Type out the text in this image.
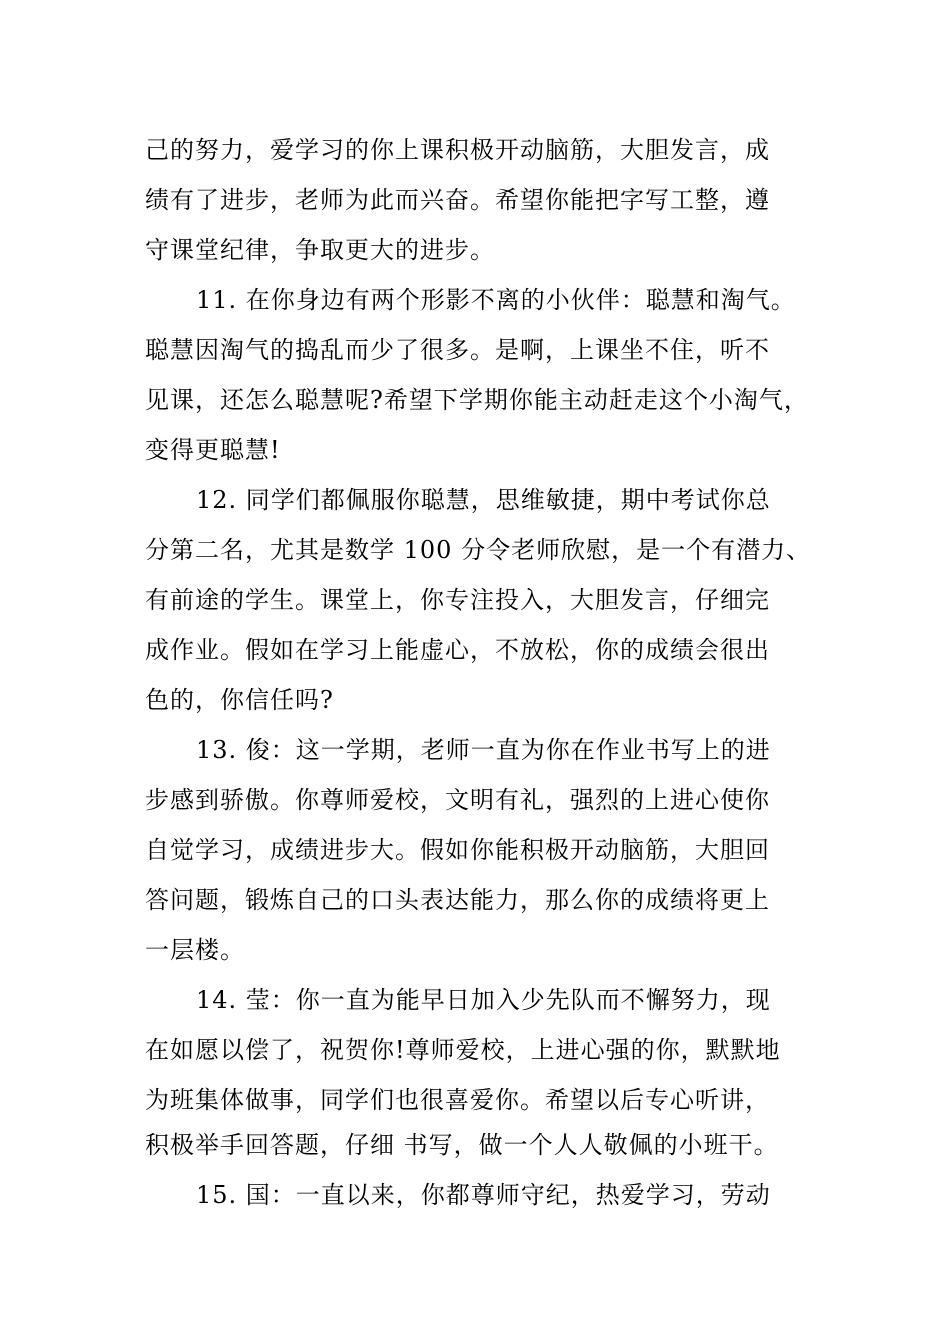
己的努力，爱学习的你上课积极开动脑筋，大胆发言，成
绩有了进步，老师为此而兴奋。希望你能把字写工整，遵
守课堂纪律，争取更大的进步。
11. 在你身边有两个形影不离的小伙伴：聪慧和淘气。
聪慧因淘气的捣乱而少了很多。是啊，上课坐不住，听不
见课，还怎么聪慧呢?希望下学期你能主动赶走这个小淘气，
变得更聪慧!
12. 同学们都佩服你聪慧，思维敏捷，期中考试你总
分第二名，尤其是数学 100 分令老师欣慰，是一个有潜力、
有前途的学生。课堂上，你专注投入，大胆发言，仔细完
成作业。假如在学习上能虚心，不放松，你的成绩会很出
色的，你信任吗?
13. 俊：这一学期，老师一直为你在作业书写上的进
步感到骄傲。你尊师爱校，文明有礼，强烈的上进心使你
自觉学习，成绩进步大。假如你能积极开动脑筋，大胆回
答问题，锻炼自己的口头表达能力，那么你的成绩将更上
一层楼。
14. 莹：你一直为能早日加入少先队而不懈努力，现
在如愿以偿了，祝贺你!尊师爱校，上进心强的你，默默地
为班集体做事，同学们也很喜爱你。希望以后专心听讲，
积极举手回答题，仔细 书写，做一个人人敬佩的小班干。
15. 国：一直以来，你都尊师守纪，热爱学习，劳动
